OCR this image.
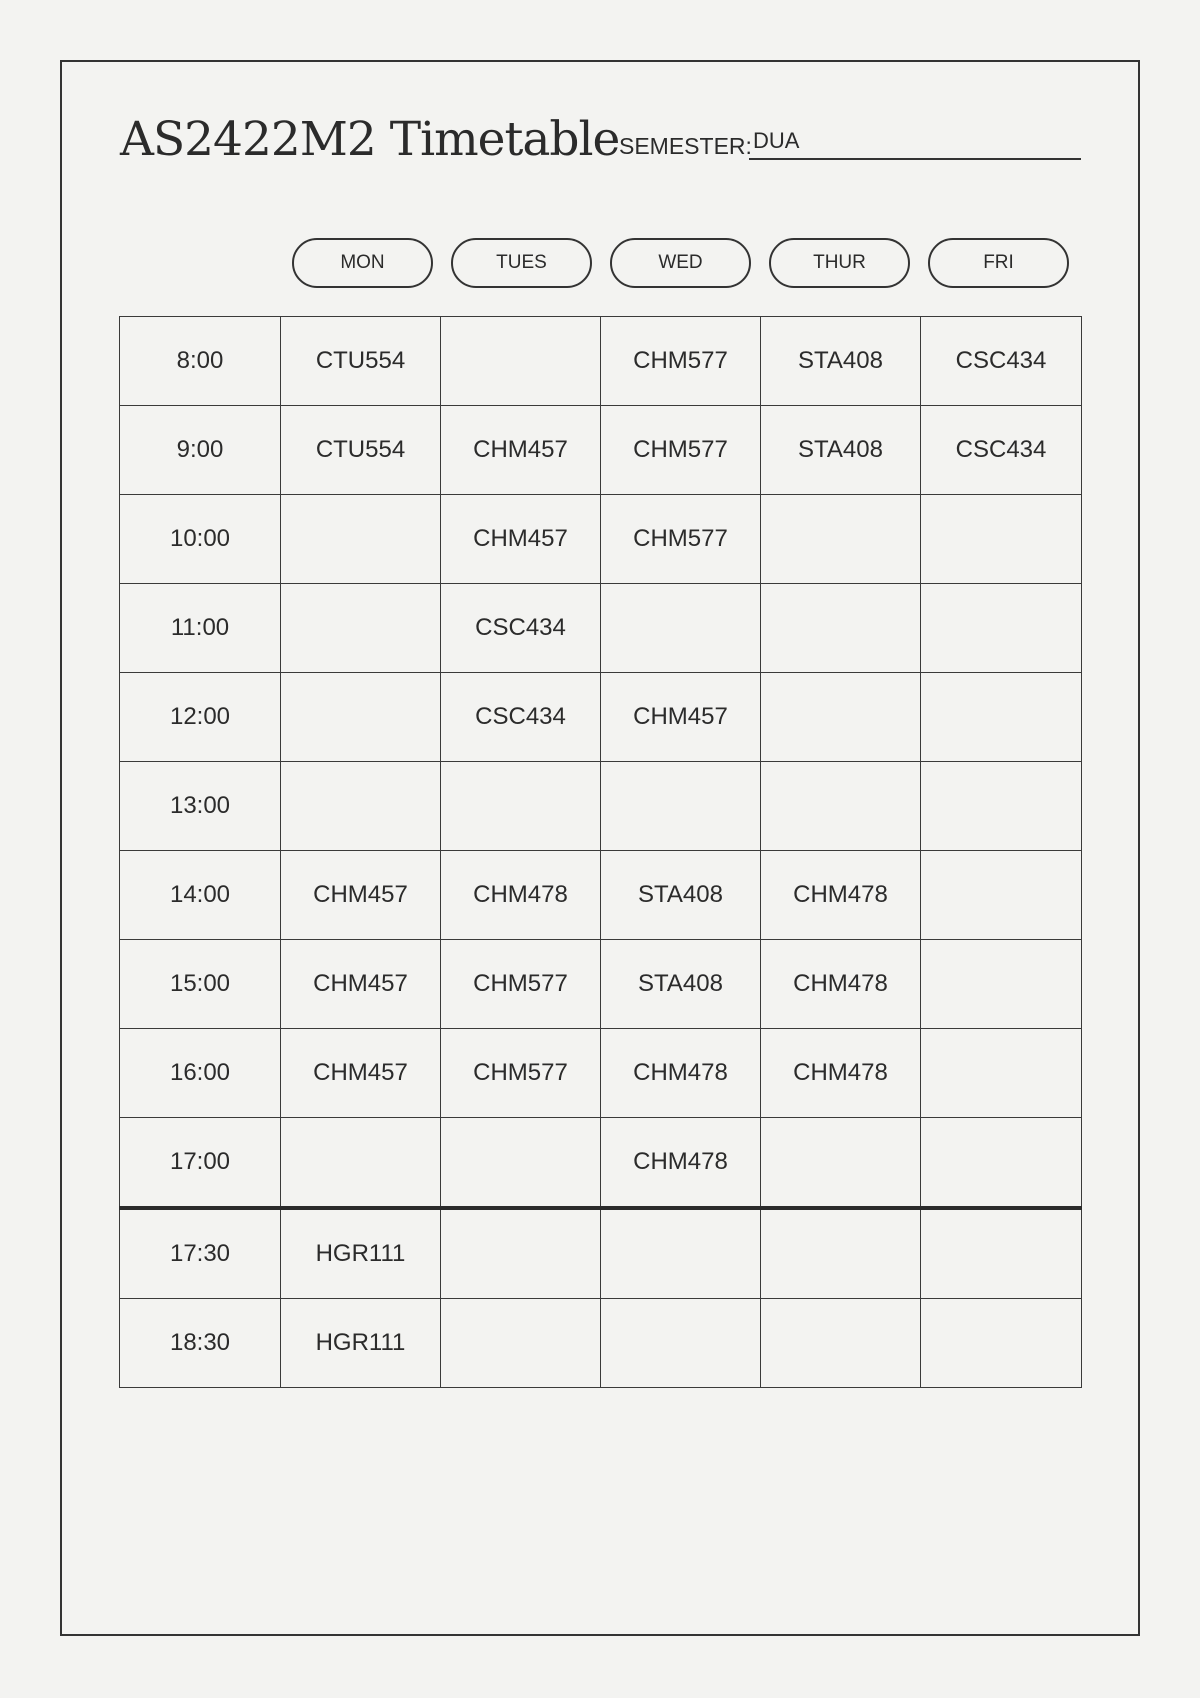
AS2422M2 Timetable SEMESTER: DUA
MON	TUES	WED	THUR	FRI
8:00	CTU554		CHM577	STA408	CSC434
9:00	CTU554	CHM457	CHM577	STA408	CSC434
10:00		CHM457	CHM577		
11:00		CSC434			
12:00		CSC434	CHM457		
13:00					
14:00	CHM457	CHM478	STA408	CHM478	
15:00	CHM457	CHM577	STA408	CHM478	
16:00	CHM457	CHM577	CHM478	CHM478	
17:00			CHM478		
17:30	HGR111				
18:30	HGR111				
